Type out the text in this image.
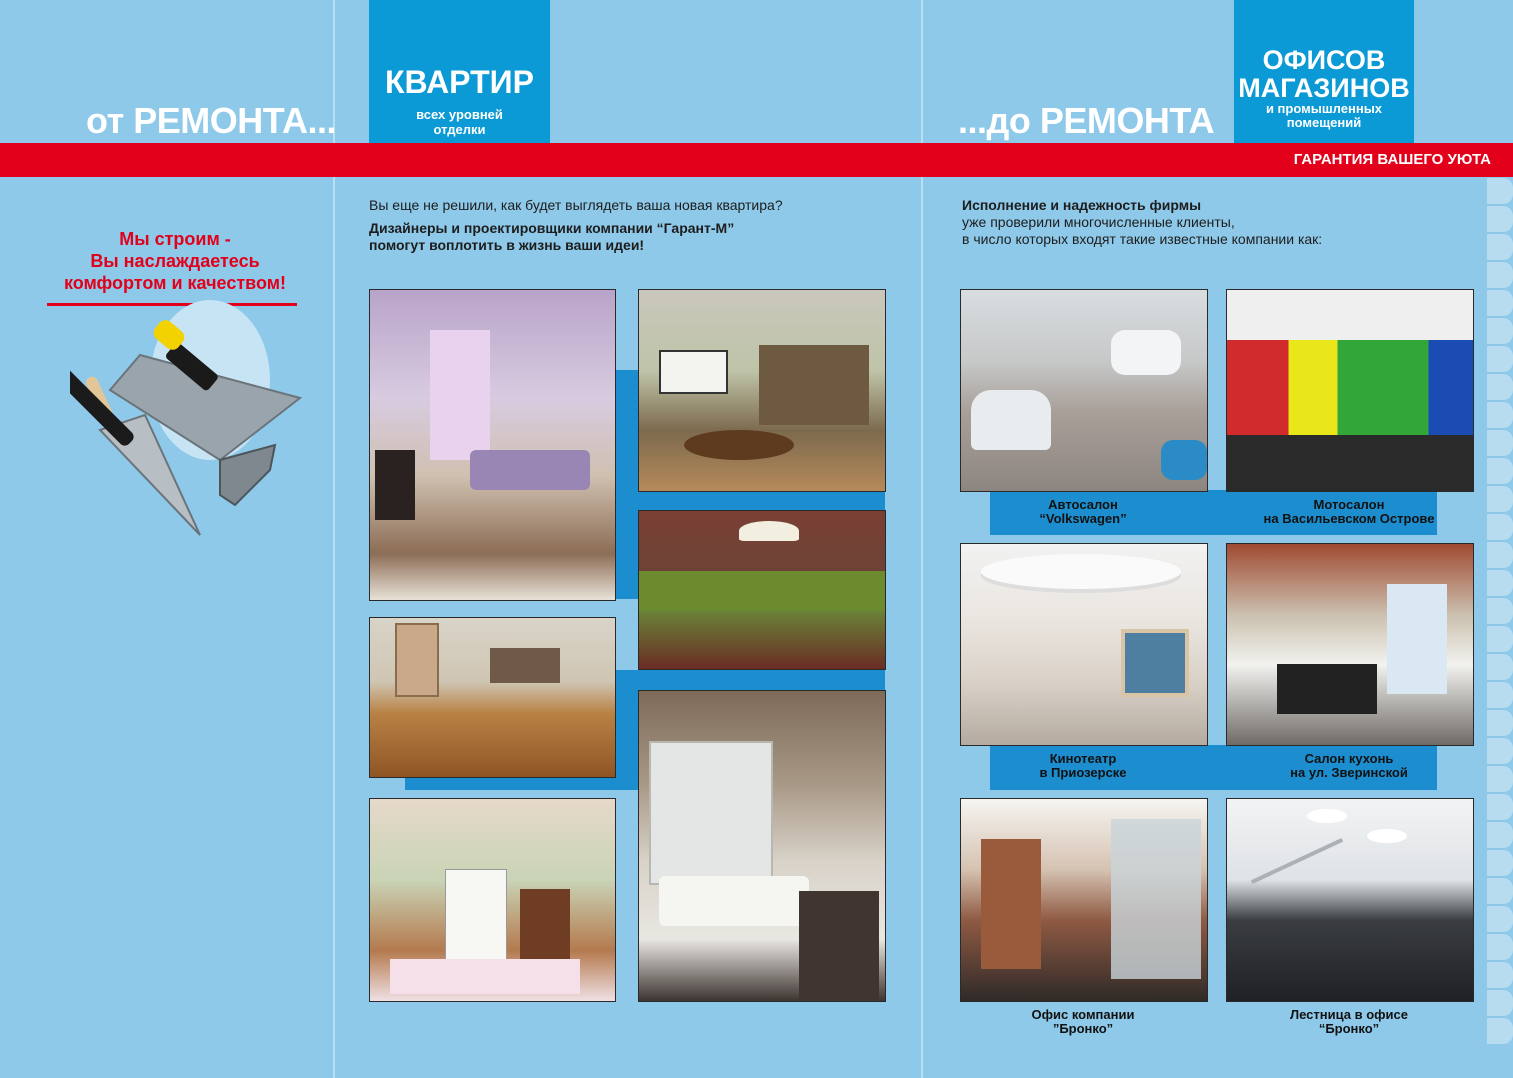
от РЕМОНТА...
КВАРТИР
всех уровней
отделки	...до РЕМОНТА
ОФИСОВ
МАГАЗИНОВ
и промышленных
помещений
ГАРАНТИЯ ВАШЕГО УЮТА
Мы строим -
Вы наслаждаетесь
комфортом и качеством!
Вы еще не решили, как будет выглядеть ваша новая квартира?
Дизайнеры и проектировщики компании “Гарант-М”
помогут воплотить в жизнь ваши идеи!
Исполнение и надежность фирмы
уже проверили многочисленные клиенты,
в число которых входят такие известные компании как:
Автосалон
“Volkswagen”
Мотосалон
на Васильевском Острове
Кинотеатр
в Приозерске
Салон кухонь
на ул. Зверинской
Офис компании
”Бронко”
Лестница в офисе
“Бронко”
